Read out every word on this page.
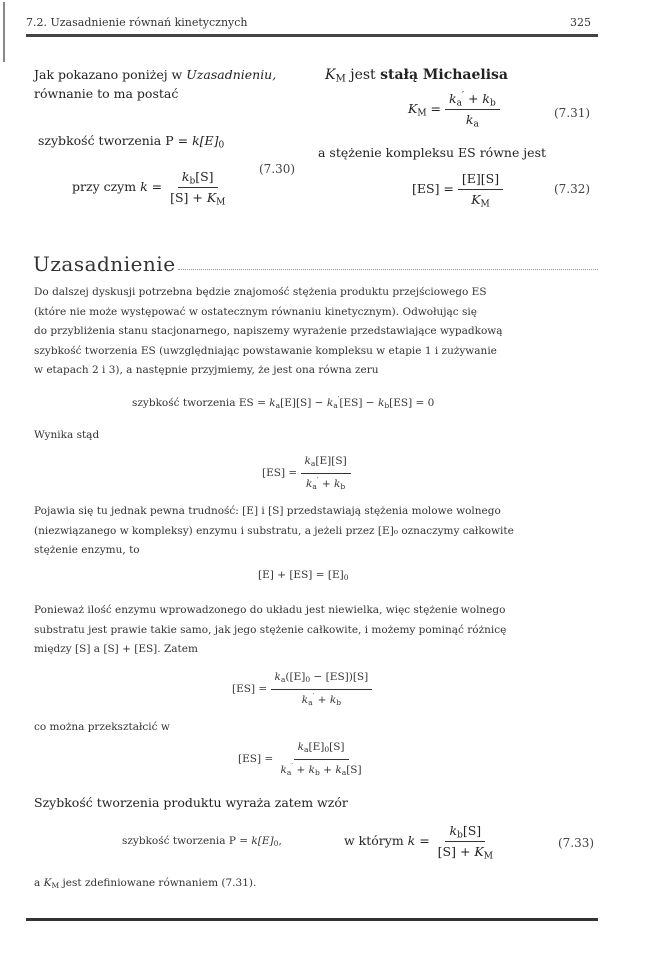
7.2. Uzasadnienie równań kinetycznych	325
Jak pokazano poniżej w Uzasadnieniu,
równanie to ma postać
$K_M$ jest stałą Michaelisa
szybkość tworzenia $P = k[E]_0$
przy czym $k = \frac{k_b[S]}{[S] + K_M} (7.30)$
$K_M = \frac{k_a' + k_b}{k_a}$	(7.31)
a stężenie kompleksu ES równe jest
$[ES] = \frac{[E][S]}{K_M}$	(7.32)
Uzasadnienie
Do dalszej dyskusji potrzebna będzie znajomość stężenia produktu przejściowego ES
(które nie może występować w ostatecznym równaniu kinetycznym). Odwołując się
do przybliżenia stanu stacjonarnego, napiszemy wyrażenie przedstawiające wypadkową
szybkość tworzenia ES (uwzględniając powstawanie kompleksu w etapie 1 i zużywanie
w etapach 2 i 3), a następnie przyjmiemy, że jest ona równa zeru
szybkość tworzenia ES = $k_a[E][S] - k_a'[ES] - k_b[ES] = 0$
Wynika stąd
$[ES] = \frac{k_a[E][S]}{k_a' + k_b}$
Pojawia się tu jednak pewna trudność: [E] i [S] przedstawiają stężenia molowe wolnego
(niezwiązanego w kompleksy) enzymu i substratu, a jeżeli przez [E]₀ oznaczymy całkowite
stężenie enzymu, to
$[E] + [ES] = [E]_0$
Ponieważ ilość enzymu wprowadzonego do układu jest niewielka, więc stężenie wolnego
substratu jest prawie takie samo, jak jego stężenie całkowite, i możemy pominąć różnicę
między [S] a [S] + [ES]. Zatem
$[ES] = \frac{k_a([E]_0 - [ES])[S]}{k_a' + k_b}$
co można przekształcić w
$[ES] = \frac{k_a[E]_0[S]}{k_a' + k_b + k_a[S]}$
Szybkość tworzenia produktu wyraża zatem wzór
szybkość tworzenia $P = k[E]_0$,	w którym $k = \frac{k_b[S]}{[S] + K_M}$	(7.33)
a $K_M$ jest zdefiniowane równaniem (7.31).
